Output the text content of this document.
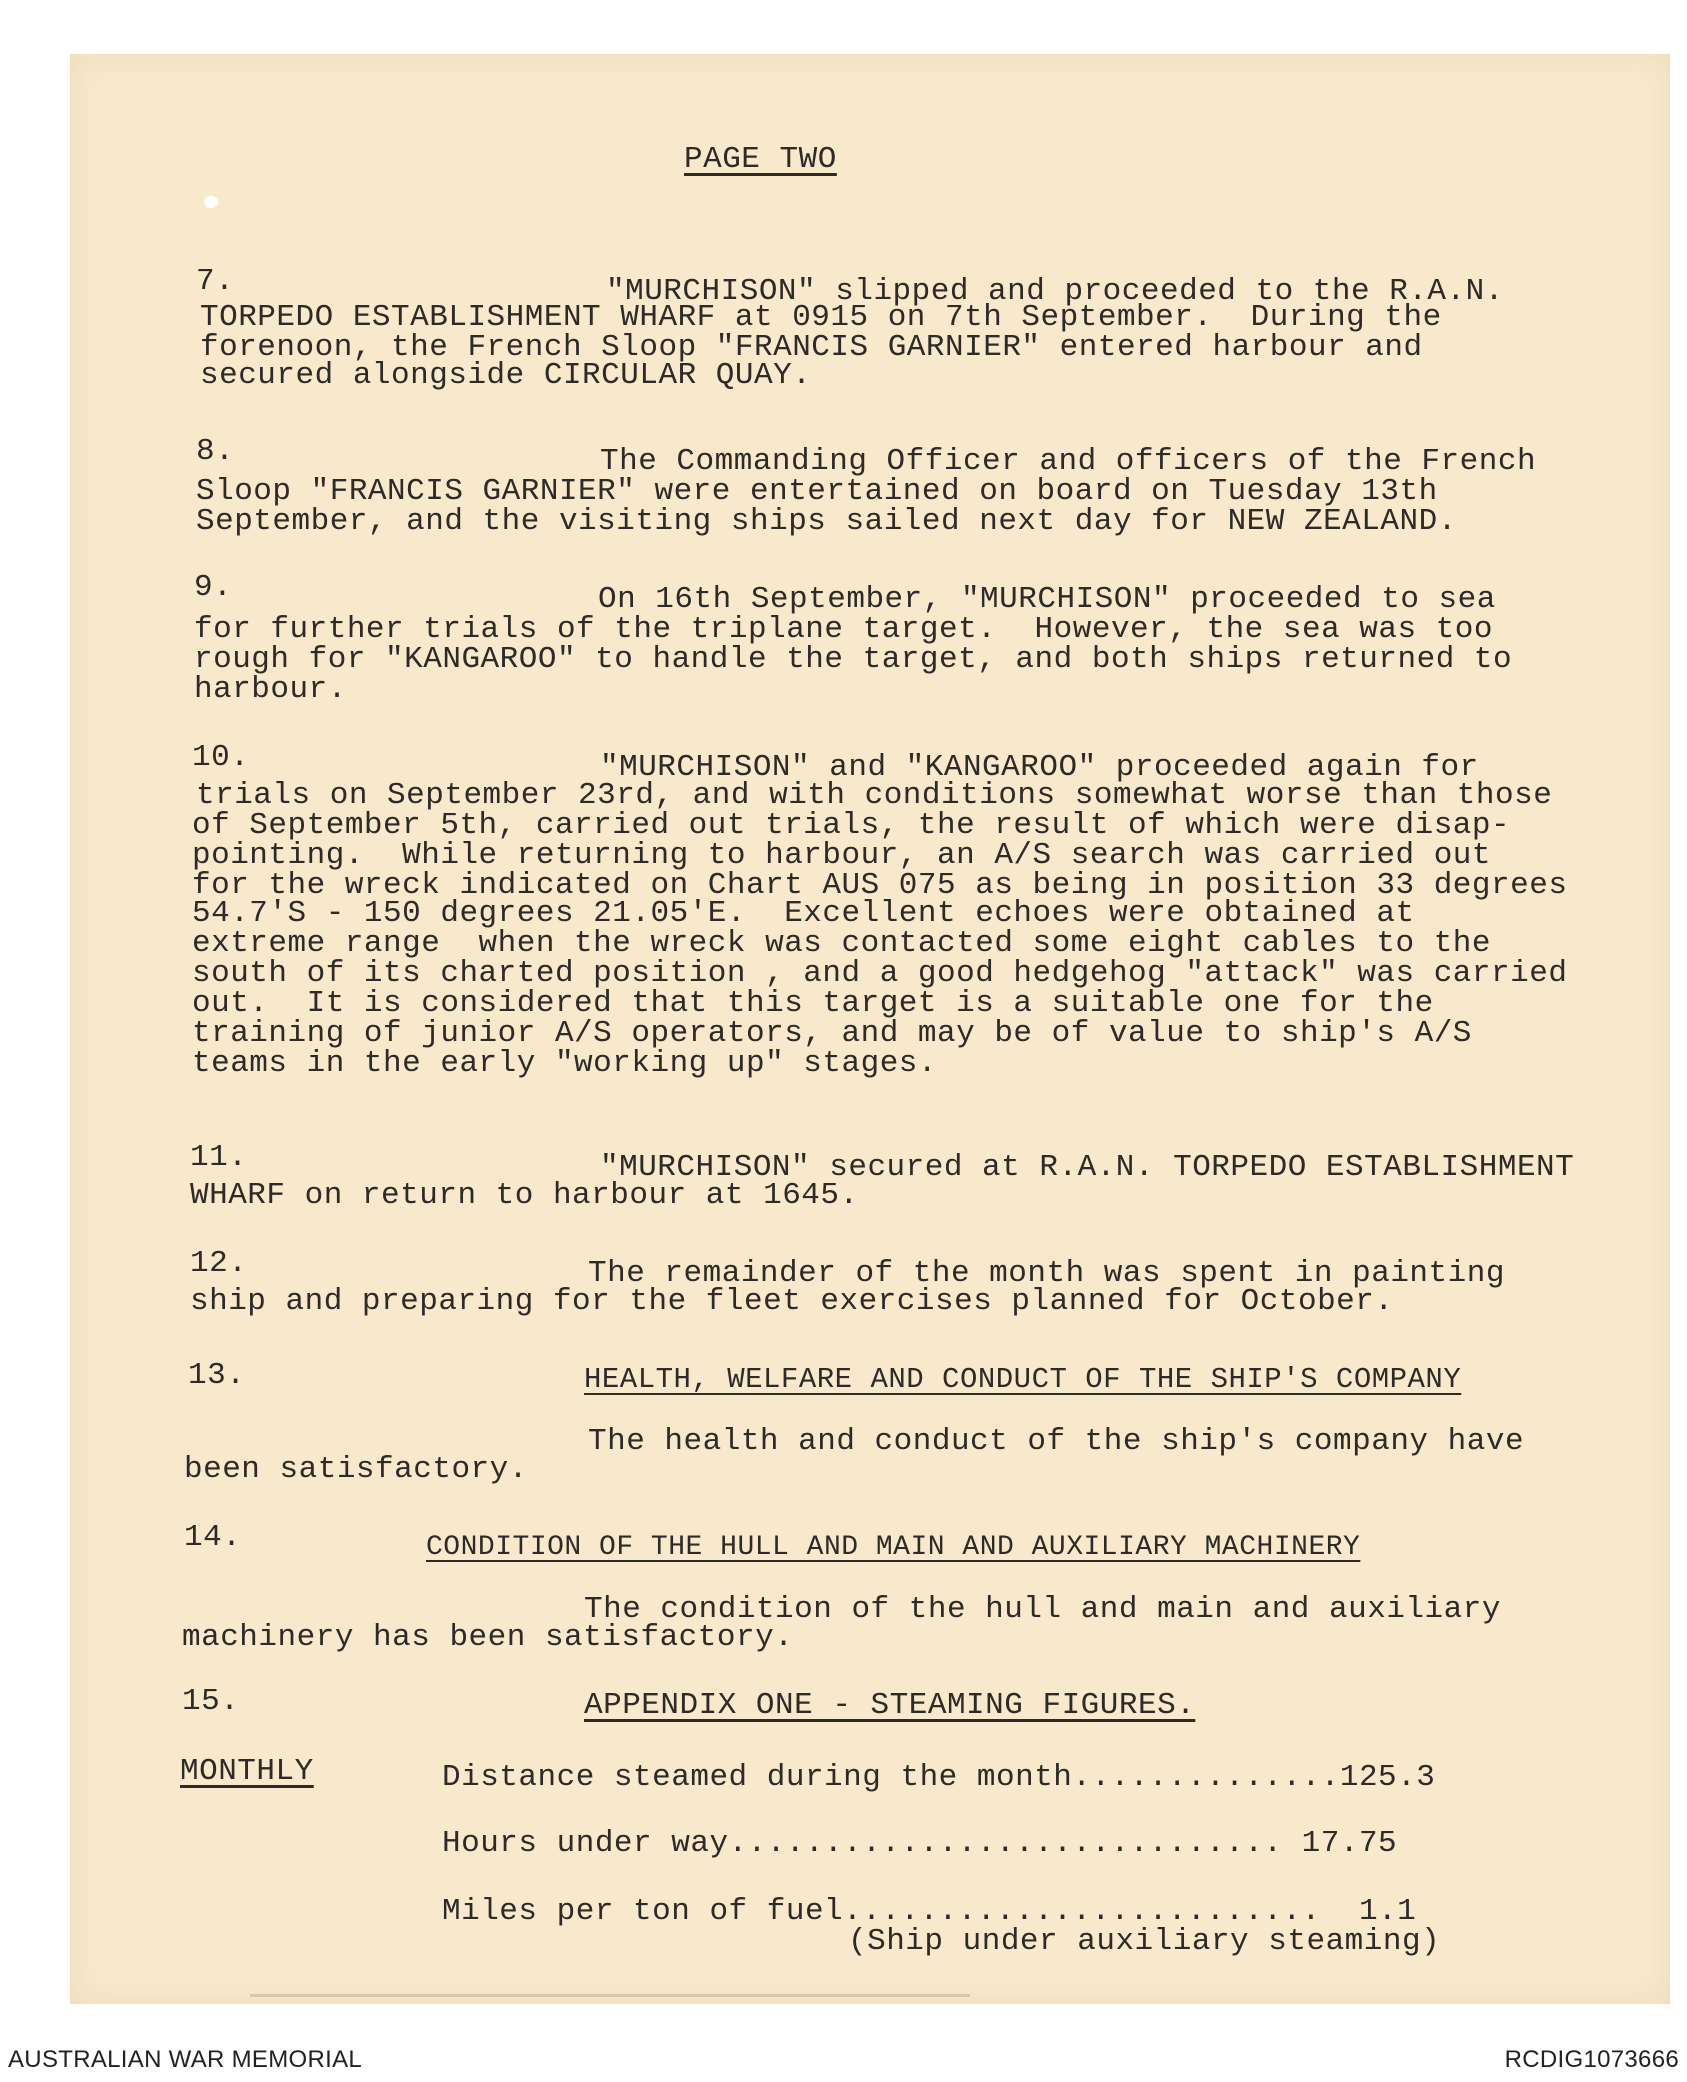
PAGE TWO
7.	"MURCHISON" slipped and proceeded to the R.A.N.
TORPEDO ESTABLISHMENT WHARF at 0915 on 7th September.  During the
forenoon, the French Sloop "FRANCIS GARNIER" entered harbour and
secured alongside CIRCULAR QUAY.
8.	The Commanding Officer and officers of the French
Sloop "FRANCIS GARNIER" were entertained on board on Tuesday 13th
September, and the visiting ships sailed next day for NEW ZEALAND.
9.	On 16th September, "MURCHISON" proceeded to sea
for further trials of the triplane target.  However, the sea was too
rough for "KANGAROO" to handle the target, and both ships returned to
harbour.
10.	"MURCHISON" and "KANGAROO" proceeded again for
trials on September 23rd, and with conditions somewhat worse than those
of September 5th, carried out trials, the result of which were disap-
pointing.  While returning to harbour, an A/S search was carried out
for the wreck indicated on Chart AUS 075 as being in position 33 degrees
54.7'S - 150 degrees 21.05'E.  Excellent echoes were obtained at
extreme range  when the wreck was contacted some eight cables to the
south of its charted position , and a good hedgehog "attack" was carried
out.  It is considered that this target is a suitable one for the
training of junior A/S operators, and may be of value to ship's A/S
teams in the early "working up" stages.
11.	"MURCHISON" secured at R.A.N. TORPEDO ESTABLISHMENT
WHARF on return to harbour at 1645.
12.	The remainder of the month was spent in painting
ship and preparing for the fleet exercises planned for October.
13.	HEALTH, WELFARE AND CONDUCT OF THE SHIP'S COMPANY
The health and conduct of the ship's company have
been satisfactory.
14.	CONDITION OF THE HULL AND MAIN AND AUXILIARY MACHINERY
The condition of the hull and main and auxiliary
machinery has been satisfactory.
15.	APPENDIX ONE - STEAMING FIGURES.
MONTHLY	Distance steamed during the month..............125.3
Hours under way............................. 17.75
Miles per ton of fuel.........................  1.1
(Ship under auxiliary steaming)
AUSTRALIAN WAR MEMORIAL	RCDIG1073666
